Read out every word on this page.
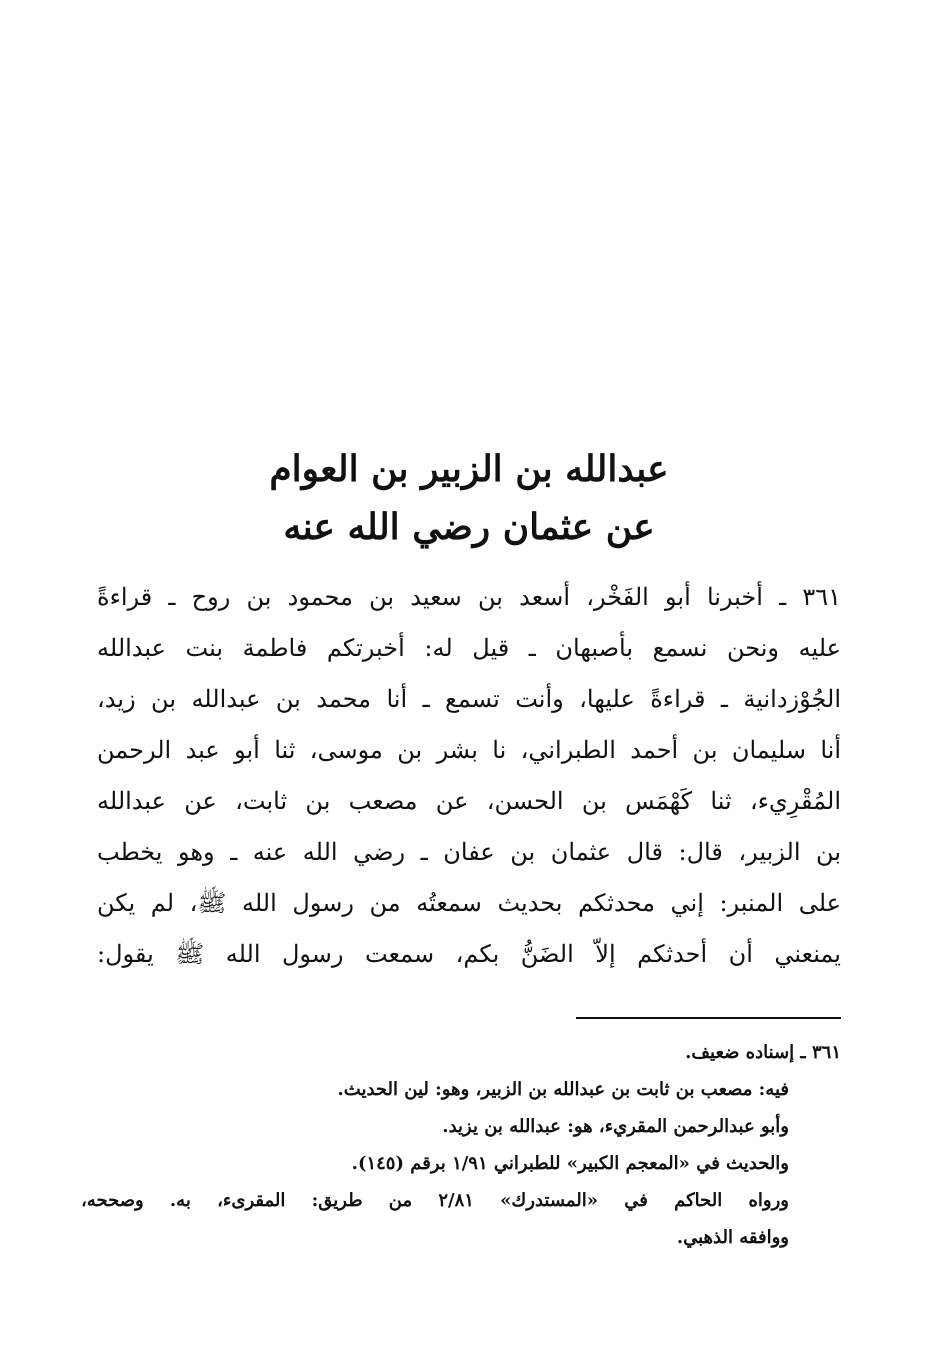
عبدالله بن الزبير بن العوام
عن عثمان رضي الله عنه

٣٦١ ـ أخبرنا أبو الفَخْر، أسعد بن سعيد بن محمود بن روح ـ قراءةً
عليه ونحن نسمع بأصبهان ـ قيل له: أخبرتكم فاطمة بنت عبدالله
الجُوْزدانية ـ قراءةً عليها، وأنت تسمع ـ أنا محمد بن عبدالله بن زيد،
أنا سليمان بن أحمد الطبراني، نا بشر بن موسى، ثنا أبو عبد الرحمن
المُقْرِيء، ثنا كَهْمَس بن الحسن، عن مصعب بن ثابت، عن عبدالله
بن الزبير، قال: قال عثمان بن عفان ـ رضي الله عنه ـ وهو يخطب
على المنبر: إني محدثكم بحديث سمعتُه من رسول الله ﷺ، لم يكن
يمنعني أن أحدثكم إلاّ الضَنُّ بكم، سمعت رسول الله ﷺ يقول:

٣٦١ ـ إسناده ضعيف.
فيه: مصعب بن ثابت بن عبدالله بن الزبير، وهو: لين الحديث.
وأبو عبدالرحمن المقريء، هو: عبدالله بن يزيد.
والحديث في «المعجم الكبير» للطبراني ١/٩١ برقم (١٤٥).
ورواه الحاكم في «المستدرك» ٢/٨١ من طريق: المقرىء، به. وصححه،
ووافقه الذهبي.
